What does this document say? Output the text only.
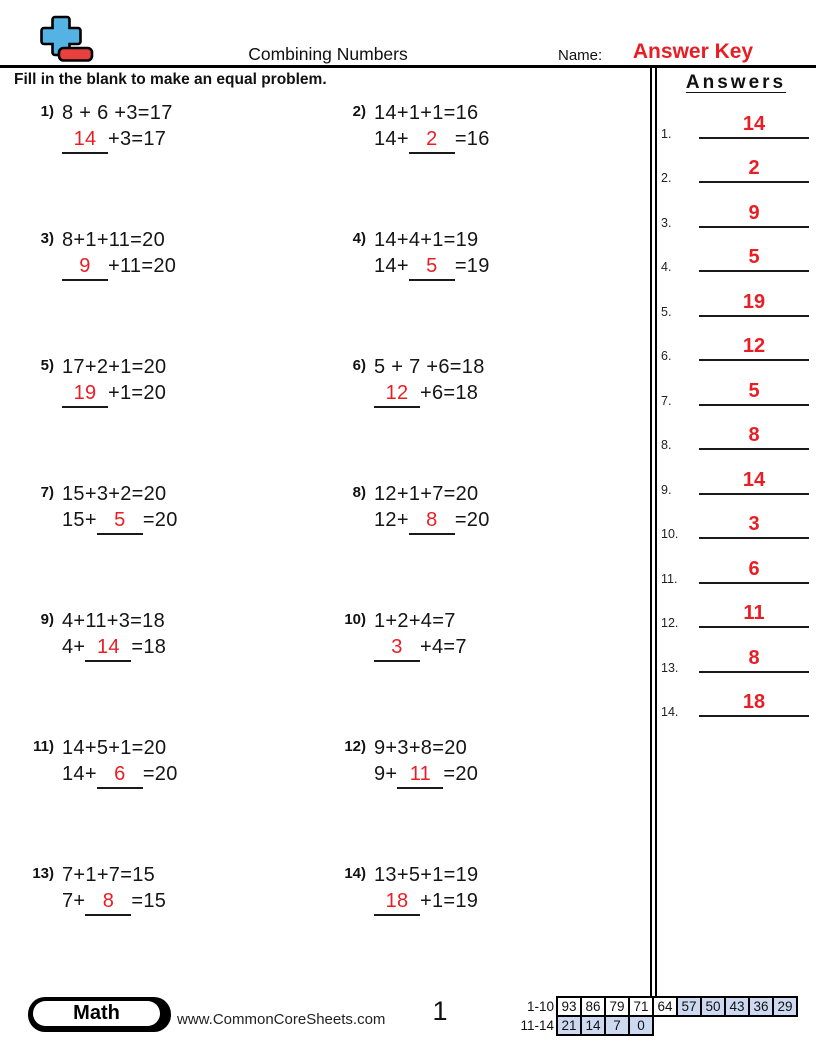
Combining Numbers	Name:	Answer Key
Fill in the blank to make an equal problem.	Answers
1.	14
2.	2
3.	9
4.	5
5.	19
6.	12
7.	5
8.	8
9.	14
10.	3
11.	6
12.	11
13.	8
14.	18
1) 8 + 6 +3=17
14 +3=17
2) 14+1+1=16
14+ 2 =16
3) 8+1+11=20
9 +11=20
4) 14+4+1=19
14+ 5 =19
5) 17+2+1=20
19 +1=20
6) 5 + 7 +6=18
12 +6=18
7) 15+3+2=20
15+ 5 =20
8) 12+1+7=20
12+ 8 =20
9) 4+11+3=18
4+ 14 =18
10) 1+2+4=7
3 +4=7
11) 14+5+1=20
14+ 6 =20
12) 9+3+8=20
9+ 11 =20
13) 7+1+7=15
7+ 8 =15
14) 13+5+1=19
18 +1=19
Math	www.CommonCoreSheets.com	1	1-10 93 86 79 71 64 57 50 43 36 29
11-14 21 14 7	0
